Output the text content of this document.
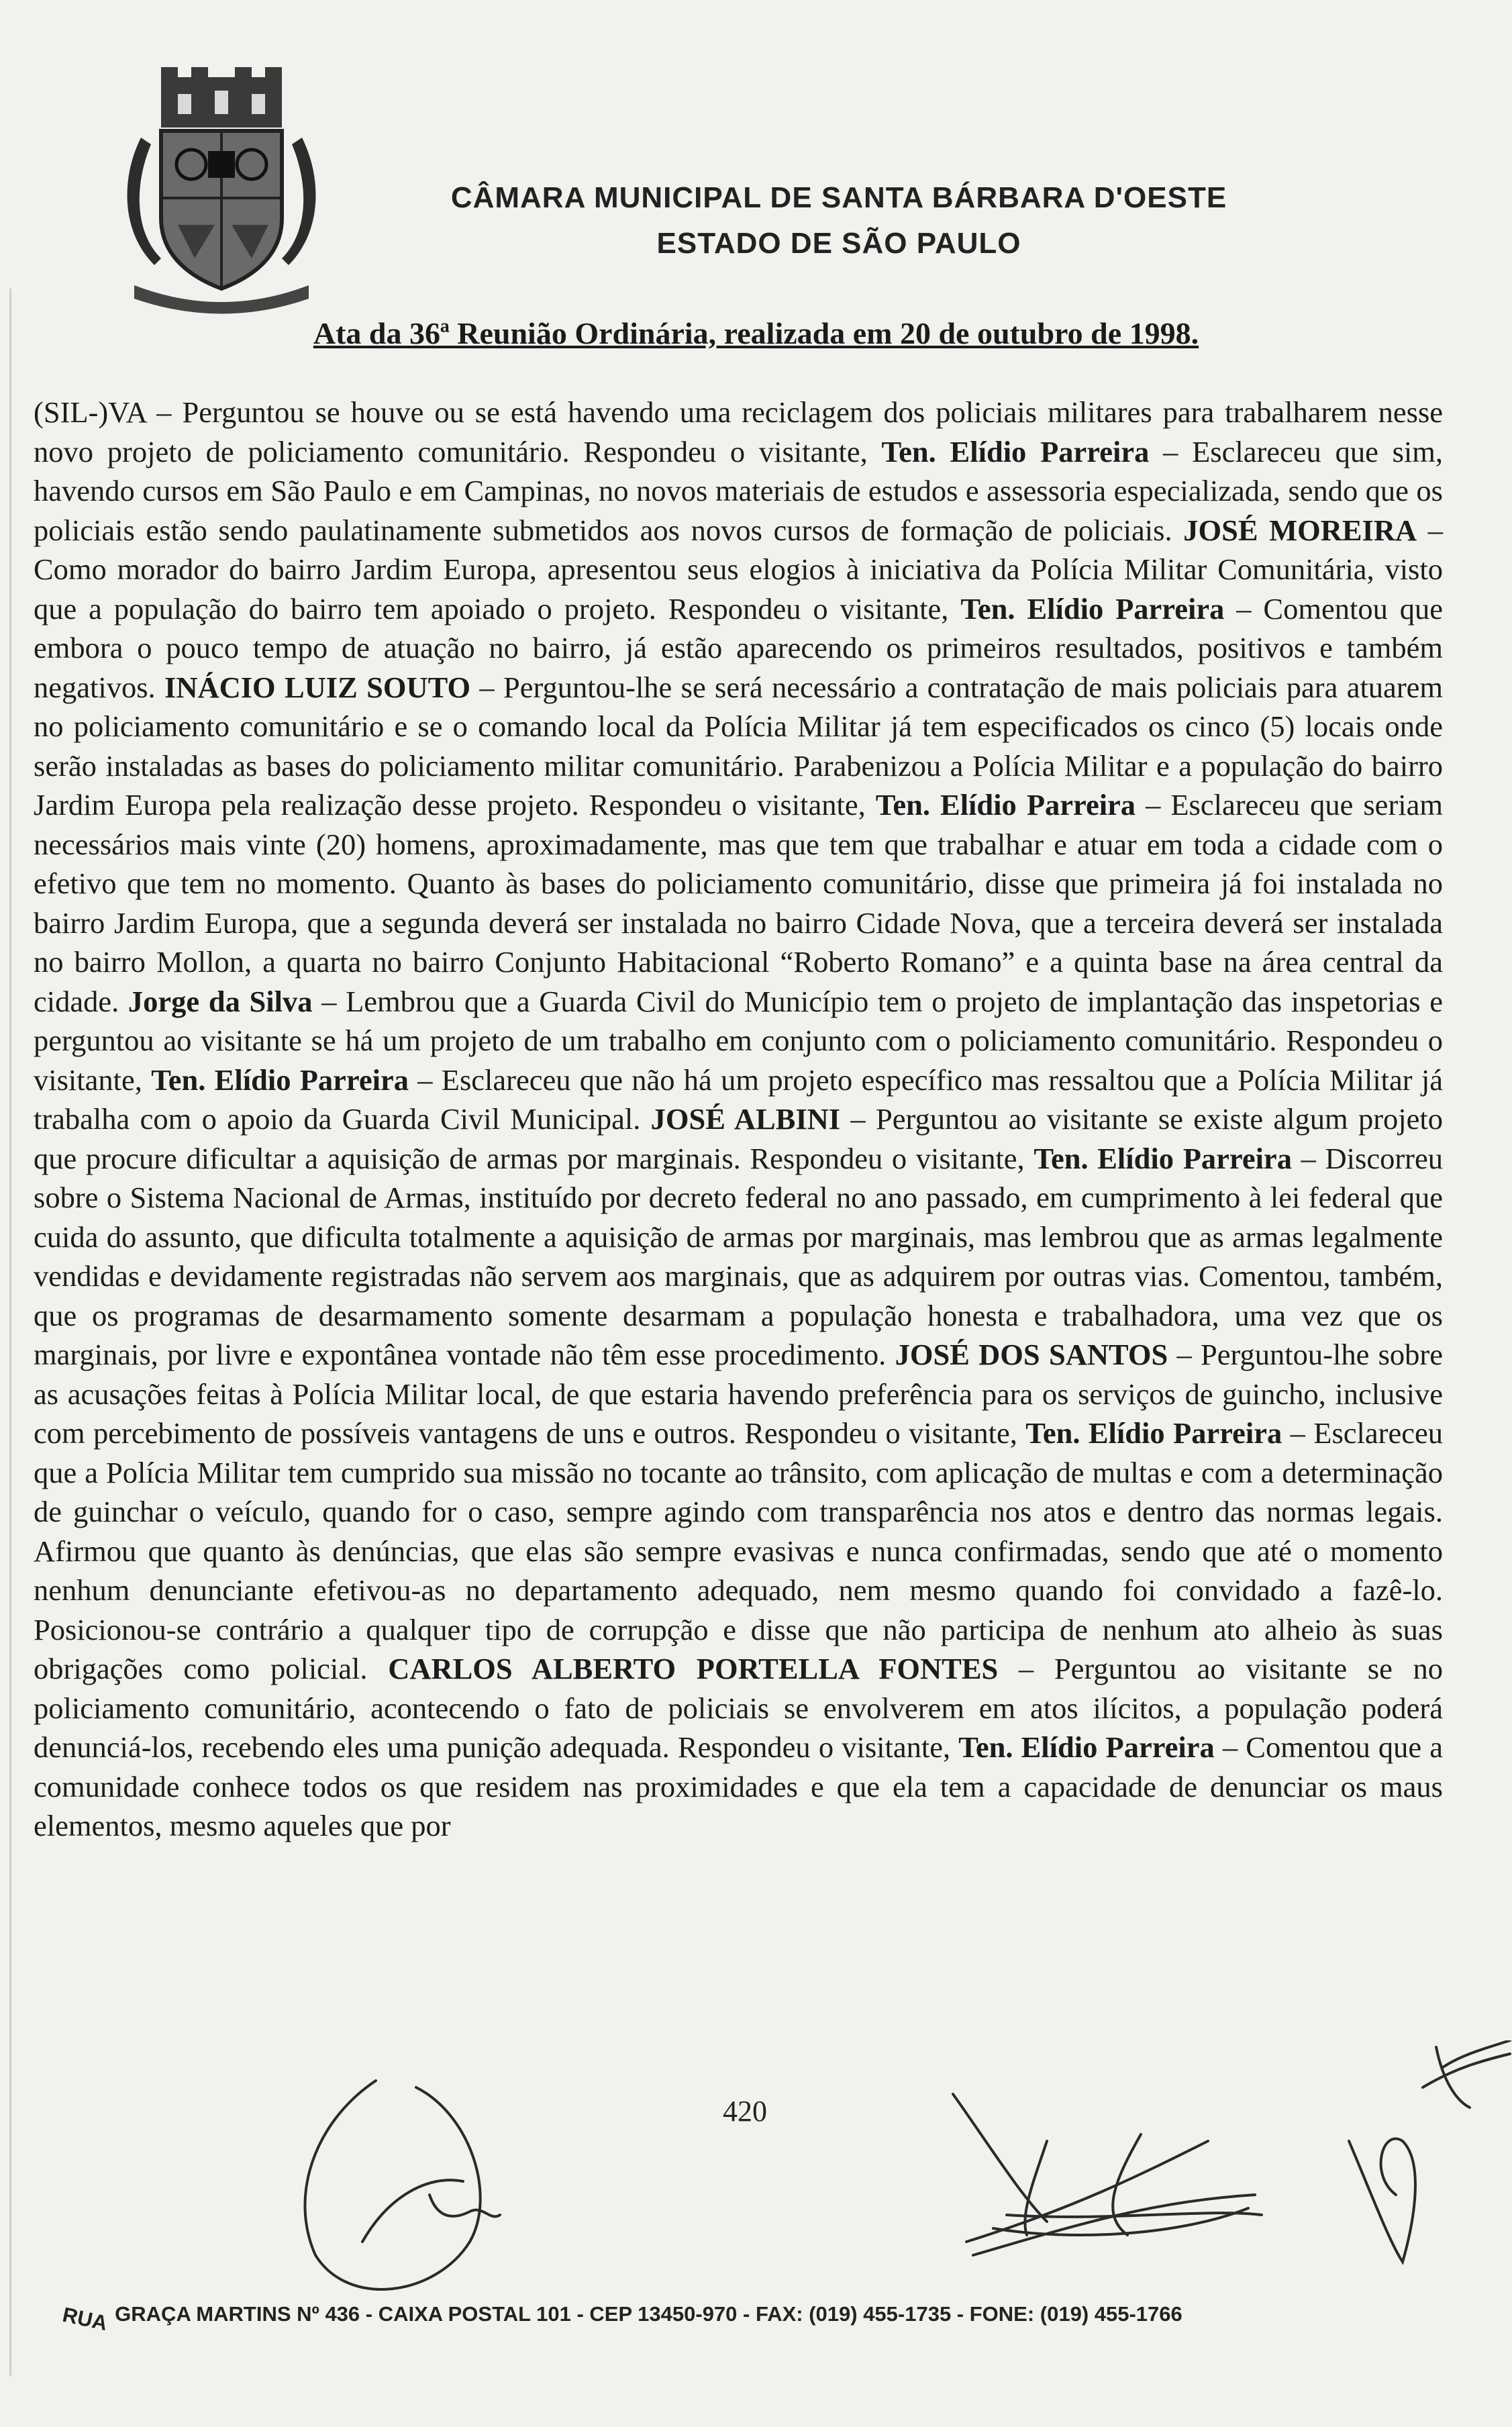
CÂMARA MUNICIPAL DE SANTA BÁRBARA D'OESTE
ESTADO DE SÃO PAULO
Ata da 36ª Reunião Ordinária, realizada em 20 de outubro de 1998.

(SIL-)VA – Perguntou se houve ou se está havendo uma reciclagem dos policiais militares para trabalharem nesse novo projeto de policiamento comunitário. Respondeu o visitante, Ten. Elídio Parreira – Esclareceu que sim, havendo cursos em São Paulo e em Campinas, no novos materiais de estudos e assessoria especializada, sendo que os policiais estão sendo paulatinamente submetidos aos novos cursos de formação de policiais. JOSÉ MOREIRA – Como morador do bairro Jardim Europa, apresentou seus elogios à iniciativa da Polícia Militar Comunitária, visto que a população do bairro tem apoiado o projeto. Respondeu o visitante, Ten. Elídio Parreira – Comentou que embora o pouco tempo de atuação no bairro, já estão aparecendo os primeiros resultados, positivos e também negativos. INÁCIO LUIZ SOUTO – Perguntou-lhe se será necessário a contratação de mais policiais para atuarem no policiamento comunitário e se o comando local da Polícia Militar já tem especificados os cinco (5) locais onde serão instaladas as bases do policiamento militar comunitário. Parabenizou a Polícia Militar e a população do bairro Jardim Europa pela realização desse projeto. Respondeu o visitante, Ten. Elídio Parreira – Esclareceu que seriam necessários mais vinte (20) homens, aproximadamente, mas que tem que trabalhar e atuar em toda a cidade com o efetivo que tem no momento. Quanto às bases do policiamento comunitário, disse que primeira já foi instalada no bairro Jardim Europa, que a segunda deverá ser instalada no bairro Cidade Nova, que a terceira deverá ser instalada no bairro Mollon, a quarta no bairro Conjunto Habitacional “Roberto Romano” e a quinta base na área central da cidade. Jorge da Silva – Lembrou que a Guarda Civil do Município tem o projeto de implantação das inspetorias e perguntou ao visitante se há um projeto de um trabalho em conjunto com o policiamento comunitário. Respondeu o visitante, Ten. Elídio Parreira – Esclareceu que não há um projeto específico mas ressaltou que a Polícia Militar já trabalha com o apoio da Guarda Civil Municipal. JOSÉ ALBINI – Perguntou ao visitante se existe algum projeto que procure dificultar a aquisição de armas por marginais. Respondeu o visitante, Ten. Elídio Parreira – Discorreu sobre o Sistema Nacional de Armas, instituído por decreto federal no ano passado, em cumprimento à lei federal que cuida do assunto, que dificulta totalmente a aquisição de armas por marginais, mas lembrou que as armas legalmente vendidas e devidamente registradas não servem aos marginais, que as adquirem por outras vias. Comentou, também, que os programas de desarmamento somente desarmam a população honesta e trabalhadora, uma vez que os marginais, por livre e expontânea vontade não têm esse procedimento. JOSÉ DOS SANTOS – Perguntou-lhe sobre as acusações feitas à Polícia Militar local, de que estaria havendo preferência para os serviços de guincho, inclusive com percebimento de possíveis vantagens de uns e outros. Respondeu o visitante, Ten. Elídio Parreira – Esclareceu que a Polícia Militar tem cumprido sua missão no tocante ao trânsito, com aplicação de multas e com a determinação de guinchar o veículo, quando for o caso, sempre agindo com transparência nos atos e dentro das normas legais. Afirmou que quanto às denúncias, que elas são sempre evasivas e nunca confirmadas, sendo que até o momento nenhum denunciante efetivou-as no departamento adequado, nem mesmo quando foi convidado a fazê-lo. Posicionou-se contrário a qualquer tipo de corrupção e disse que não participa de nenhum ato alheio às suas obrigações como policial. CARLOS ALBERTO PORTELLA FONTES – Perguntou ao visitante se no policiamento comunitário, acontecendo o fato de policiais se envolverem em atos ilícitos, a população poderá denunciá-los, recebendo eles uma punição adequada. Respondeu o visitante, Ten. Elídio Parreira – Comentou que a comunidade conhece todos os que residem nas proximidades e que ela tem a capacidade de denunciar os maus elementos, mesmo aqueles que por

420
RUA GRAÇA MARTINS Nº 436 - CAIXA POSTAL 101 - CEP 13450-970 - FAX: (019) 455-1735 - FONE: (019) 455-1766
